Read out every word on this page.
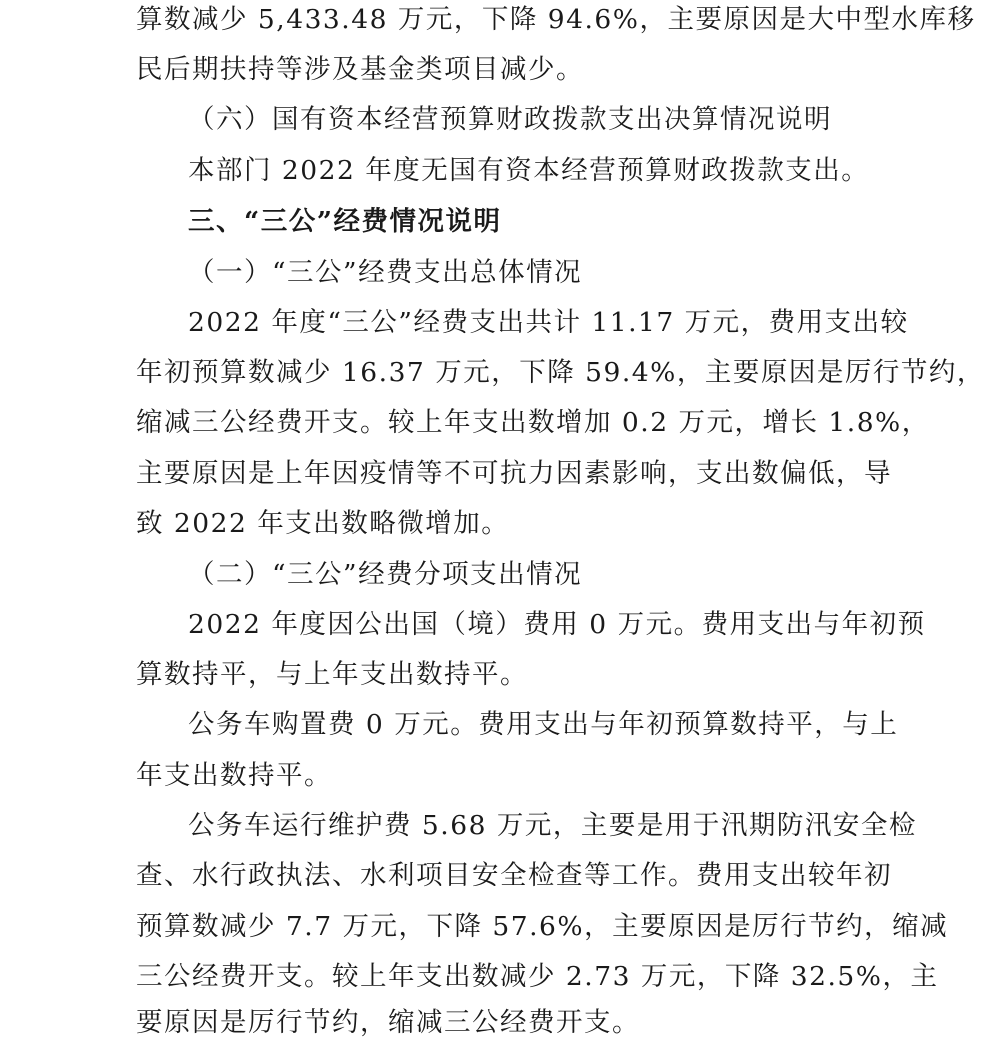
算数减少 5,433.48 万元，下降 94.6%，主要原因是大中型水库移
民后期扶持等涉及基金类项目减少。
（六）国有资本经营预算财政拨款支出决算情况说明
本部门 2022 年度无国有资本经营预算财政拨款支出。
三、“三公”经费情况说明
（一）“三公”经费支出总体情况
2022 年度“三公”经费支出共计 11.17 万元，费用支出较
年初预算数减少 16.37 万元，下降 59.4%，主要原因是厉行节约，
缩减三公经费开支。较上年支出数增加 0.2 万元，增长 1.8%，
主要原因是上年因疫情等不可抗力因素影响，支出数偏低，导
致 2022 年支出数略微增加。
（二）“三公”经费分项支出情况
2022 年度因公出国（境）费用 0 万元。费用支出与年初预
算数持平，与上年支出数持平。
公务车购置费 0 万元。费用支出与年初预算数持平，与上
年支出数持平。
公务车运行维护费 5.68 万元，主要是用于汛期防汛安全检
查、水行政执法、水利项目安全检查等工作。费用支出较年初
预算数减少 7.7 万元，下降 57.6%，主要原因是厉行节约，缩减
三公经费开支。较上年支出数减少 2.73 万元，下降 32.5%，主
要原因是厉行节约，缩减三公经费开支。
